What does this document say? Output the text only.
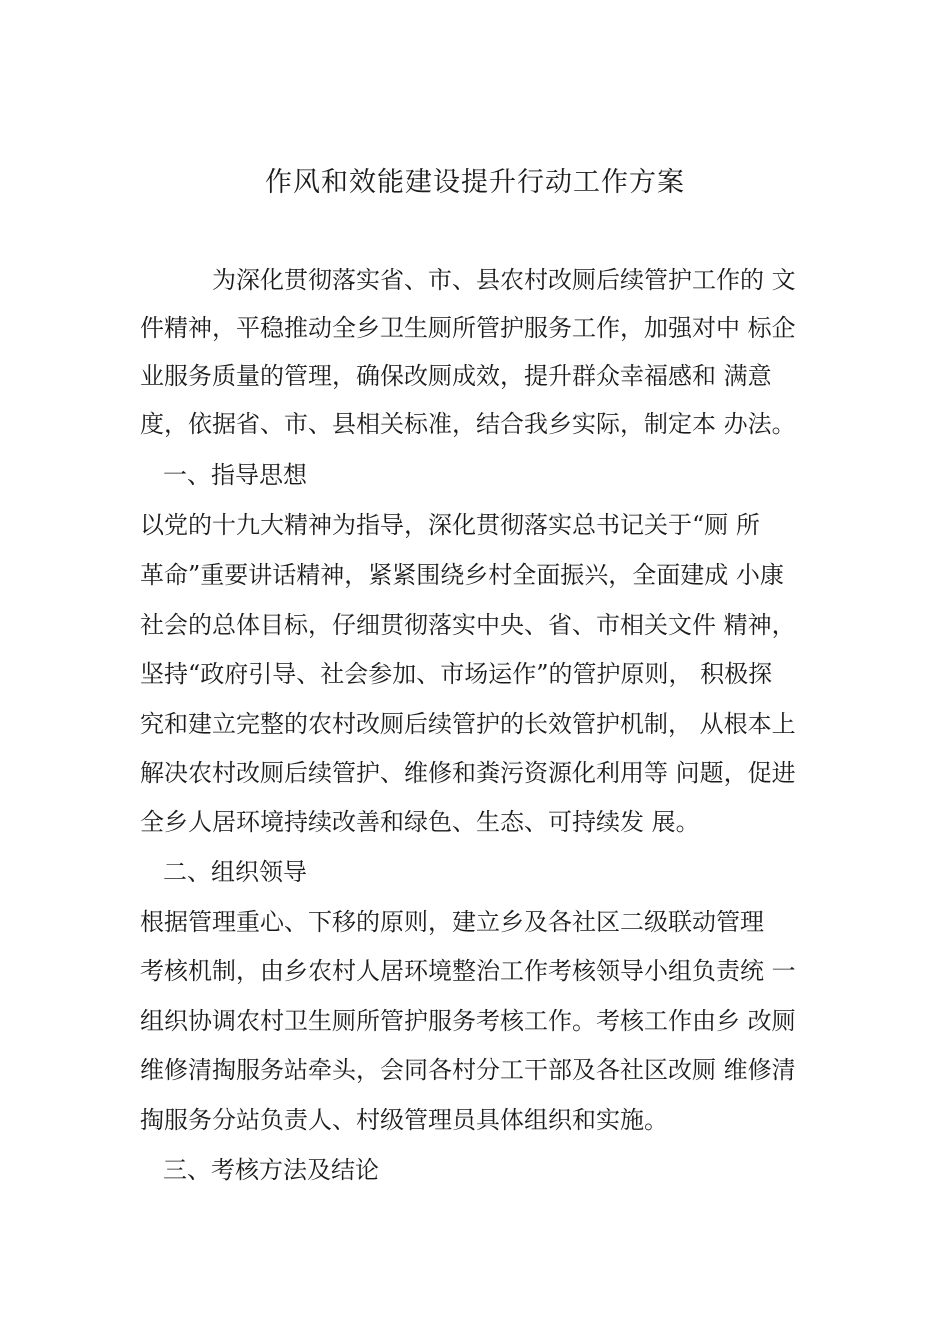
作风和效能建设提升行动工作方案
　　　为深化贯彻落实省、市、县农村改厕后续管护工作的 文
件精神，平稳推动全乡卫生厕所管护服务工作，加强对中 标企
业服务质量的管理，确保改厕成效，提升群众幸福感和 满意
度，依据省、市、县相关标准，结合我乡实际，制定本 办法。
一、指导思想
以党的十九大精神为指导，深化贯彻落实总书记关于“厕 所
革命”重要讲话精神，紧紧围绕乡村全面振兴，全面建成 小康
社会的总体目标，仔细贯彻落实中央、省、市相关文件 精神，
坚持“政府引导、社会参加、市场运作”的管护原则， 积极探
究和建立完整的农村改厕后续管护的长效管护机制， 从根本上
解决农村改厕后续管护、维修和粪污资源化利用等 问题，促进
全乡人居环境持续改善和绿色、生态、可持续发 展。
二、组织领导
根据管理重心、下移的原则，建立乡及各社区二级联动管理
考核机制，由乡农村人居环境整治工作考核领导小组负责统 一
组织协调农村卫生厕所管护服务考核工作。考核工作由乡 改厕
维修清掏服务站牵头，会同各村分工干部及各社区改厕 维修清
掏服务分站负责人、村级管理员具体组织和实施。
三、考核方法及结论
